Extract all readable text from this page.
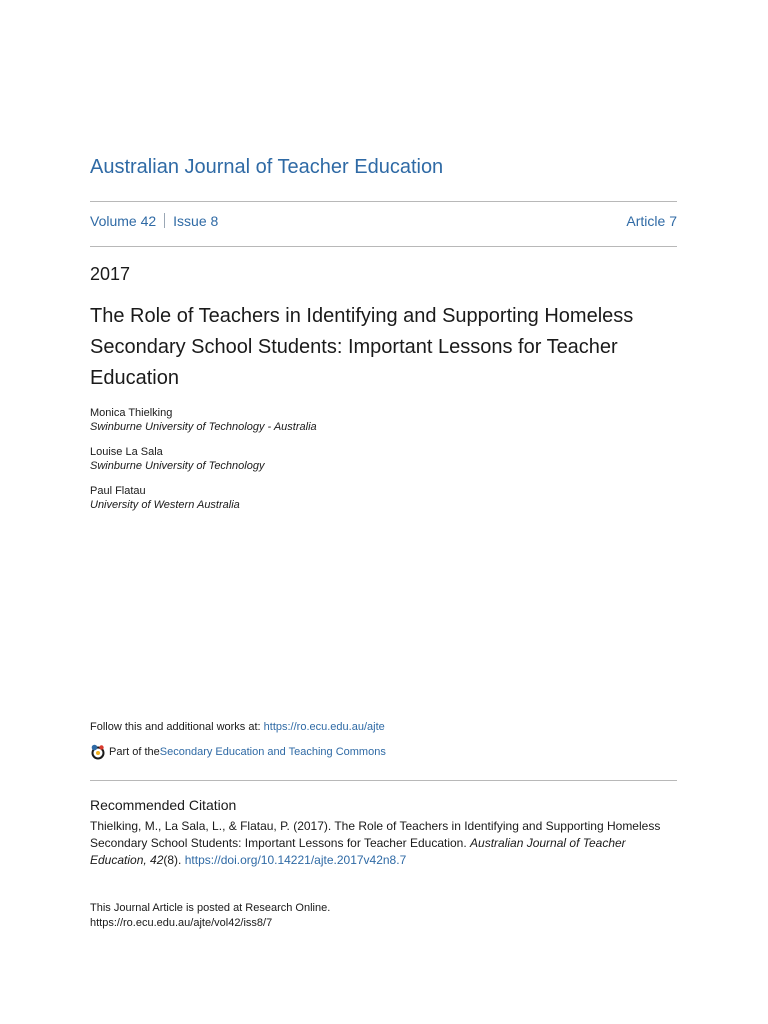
Australian Journal of Teacher Education
Volume 42 Issue 8	Article 7
2017
The Role of Teachers in Identifying and Supporting Homeless Secondary School Students: Important Lessons for Teacher Education
Monica Thielking
Swinburne University of Technology - Australia
Louise La Sala
Swinburne University of Technology
Paul Flatau
University of Western Australia
Follow this and additional works at: https://ro.ecu.edu.au/ajte
Part of the Secondary Education and Teaching Commons
Recommended Citation
Thielking, M., La Sala, L., & Flatau, P. (2017). The Role of Teachers in Identifying and Supporting Homeless Secondary School Students: Important Lessons for Teacher Education. Australian Journal of Teacher Education, 42(8). https://doi.org/10.14221/ajte.2017v42n8.7
This Journal Article is posted at Research Online.
https://ro.ecu.edu.au/ajte/vol42/iss8/7
